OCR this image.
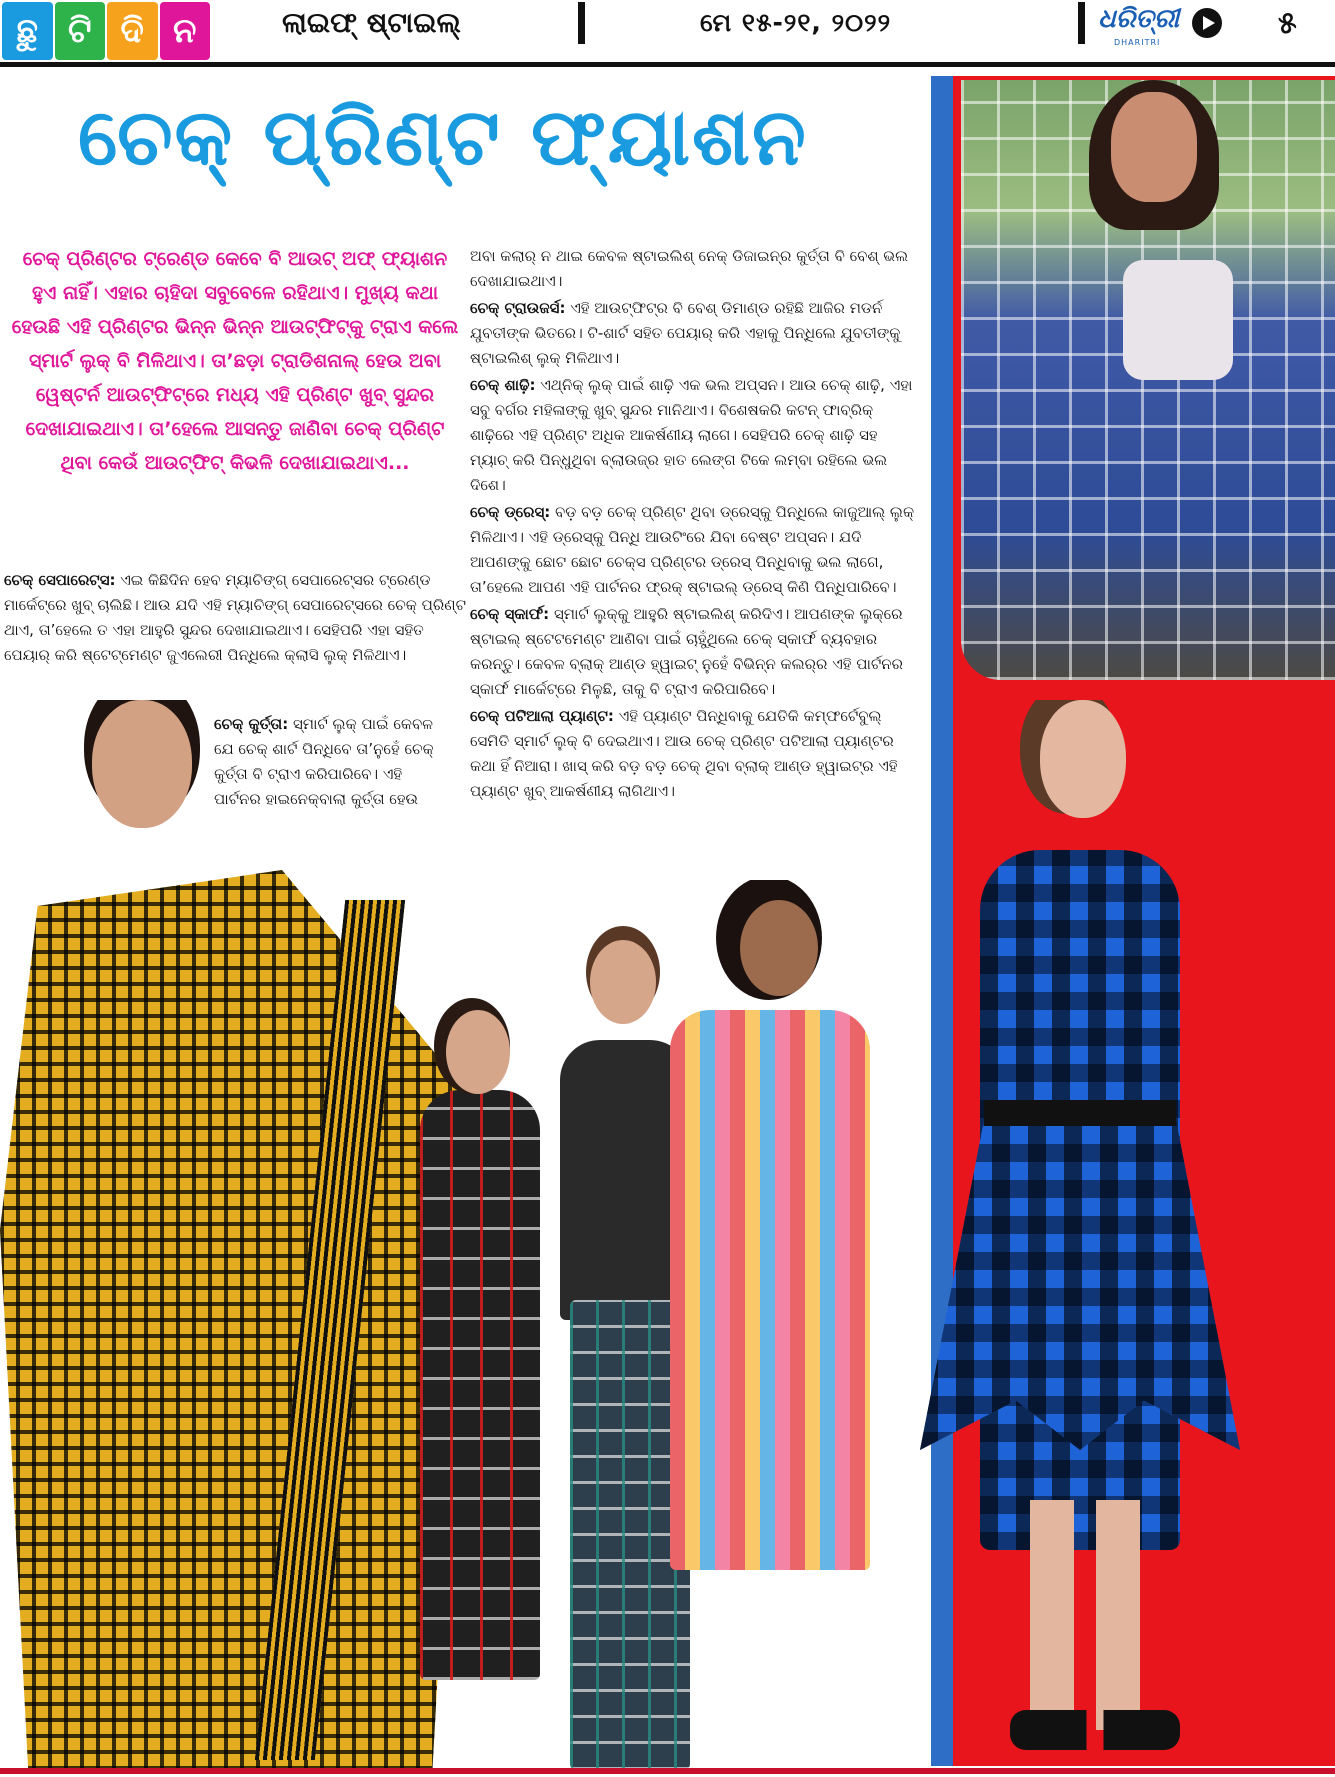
ଛୁ ଟି ଦି ନ	ଲାଇଫ୍ ଷ୍ଟାଇଲ୍	ମେ ୧୫-୨୧, ୨୦୨୨	ଧରିତ୍ରୀ
DHARITRI
୫
ଚେକ୍ ପ୍ରିଣ୍ଟ ଫ୍ୟାଶନ

ଚେକ୍ ପ୍ରିଣ୍ଟର ଟ୍ରେଣ୍ଡ କେବେ ବି ଆଉଟ୍ ଅଫ୍ ଫ୍ୟାଶନ ହୁଏ ନାହିଁ। ଏହାର ଚାହିଦା ସବୁବେଳେ ରହିଥାଏ। ମୁଖ୍ୟ କଥା ହେଉଛି ଏହି ପ୍ରିଣ୍ଟର ଭିନ୍ନ ଭିନ୍ନ ଆଉଟ୍‌ଫିଟ୍‌କୁ ଟ୍ରାଏ କଲେ ସ୍ମାର୍ଟ ଲୁକ୍ ବି ମିଳିଥାଏ। ତା’ଛଡ଼ା ଟ୍ରାଡିଶନାଲ୍ ହେଉ ଅବା ୱେଷ୍ଟର୍ନ ଆଉଟ୍‌ଫିଟ୍‌ରେ ମଧ୍ୟ ଏହି ପ୍ରିଣ୍ଟ ଖୁବ୍ ସୁନ୍ଦର ଦେଖାଯାଇଥାଏ। ତା’ହେଲେ ଆସନ୍ତୁ ଜାଣିବା ଚେକ୍ ପ୍ରିଣ୍ଟ ଥିବା କେଉଁ ଆଉଟ୍‌ଫିଟ୍ କିଭଳି ଦେଖାଯାଇଥାଏ...

ଚେକ୍ ସେପାରେଟ୍ସ: ଏଇ କିଛିଦିନ ହେବ ମ୍ୟାଚିଙ୍ଗ୍ ସେପାରେଟ୍ସର ଟ୍ରେଣ୍ଡ ମାର୍କେଟ୍‌ରେ ଖୁବ୍ ଚାଲିଛି। ଆଉ ଯଦି ଏହି ମ୍ୟାଚିଙ୍ଗ୍ ସେପାରେଟ୍ସରେ ଚେକ୍ ପ୍ରିଣ୍ଟ ଥାଏ, ତା’ହେଲେ ତ ଏହା ଆହୁରି ସୁନ୍ଦର ଦେଖାଯାଇଥାଏ। ସେହିପରି ଏହା ସହିତ ପେୟାର୍ କରି ଷ୍ଟେଟ୍‌ମେଣ୍ଟ ଜୁଏଲେରୀ ପିନ୍ଧିଲେ କ୍ଲାସି ଲୁକ୍ ମିଳିଥାଏ।

ଚେକ୍ କୁର୍ତ୍ତା: ସ୍ମାର୍ଟ ଲୁକ୍ ପାଇଁ କେବଳ ଯେ ଚେକ୍ ଶାର୍ଟ ପିନ୍ଧିବେ ତା’ନୁହେଁ ଚେକ୍ କୁର୍ତ୍ତା ବି ଟ୍ରାଏ କରିପାରିବେ। ଏହି ପାର୍ଟନର ହାଇନେକ୍‌ବାଲା କୁର୍ତ୍ତା ହେଉ

ଅବା କଲାର୍ ନ ଥାଇ କେବଳ ଷ୍ଟାଇଲିଶ୍ ନେକ୍ ଡିଜାଇନ୍‌ର କୁର୍ତ୍ତା ବି ବେଶ୍ ଭଲ ଦେଖାଯାଇଥାଏ।

ଚେକ୍ ଟ୍ରାଉଜର୍ସ: ଏହି ଆଉଟ୍‌ଫିଟ୍‌ର ବି ବେଶ୍ ଡିମାଣ୍ଡ ରହିଛି ଆଜିର ମଡର୍ନ ଯୁବତୀଙ୍କ ଭିତରେ। ଟି-ଶାର୍ଟ ସହିତ ପେୟାର୍ କରି ଏହାକୁ ପିନ୍ଧିଲେ ଯୁବତୀଙ୍କୁ ଷ୍ଟାଇଲିଶ୍ ଲୁକ୍ ମିଳିଥାଏ।

ଚେକ୍ ଶାଢ଼ି: ଏଥ୍‌ନିକ୍ ଲୁକ୍ ପାଇଁ ଶାଢ଼ି ଏକ ଭଲ ଅପ୍ସନ। ଆଉ ଚେକ୍ ଶାଢ଼ି, ଏହା ସବୁ ବର୍ଗର ମହିଳାଙ୍କୁ ଖୁବ୍ ସୁନ୍ଦର ମାନିଥାଏ। ବିଶେଷକରି କଟନ୍ ଫାବ୍ରିକ୍ ଶାଢ଼ିରେ ଏହି ପ୍ରିଣ୍ଟ ଅଧିକ ଆକର୍ଷଣୀୟ ଲାଗେ। ସେହିପରି ଚେକ୍ ଶାଢ଼ି ସହ ମ୍ୟାଚ୍ କରି ପିନ୍ଧୁଥିବା ବ୍ଲାଉଜ୍‌ର ହାତ ଲେଙ୍ଗ ଟିକେ ଲମ୍ବା ରହିଲେ ଭଲ ଦିଶେ।

ଚେକ୍ ଡ୍ରେସ୍: ବଡ଼ ବଡ଼ ଚେକ୍ ପ୍ରିଣ୍ଟ ଥିବା ଡ୍ରେସ୍‌କୁ ପିନ୍ଧିଲେ କାଜୁଆଲ୍ ଲୁକ୍ ମିଳିଥାଏ। ଏହି ଡ୍ରେସ୍‌କୁ ପିନ୍ଧି ଆଉଟିଂରେ ଯିବା ବେଷ୍ଟ ଅପ୍ସନ। ଯଦି ଆପଣଙ୍କୁ ଛୋଟ ଛୋଟ ଚେକ୍ସ ପ୍ରିଣ୍ଟର ଡ୍ରେସ୍ ପିନ୍ଧିବାକୁ ଭଲ ଲାଗେ, ତା’ହେଲେ ଆପଣ ଏହି ପାର୍ଟନର ଫ୍ରକ୍ ଷ୍ଟାଇଲ୍ ଡ୍ରେସ୍ କିଣି ପିନ୍ଧିପାରିବେ।

ଚେକ୍ ସ୍କାର୍ଫ: ସ୍ମାର୍ଟ ଲୁକ୍‌କୁ ଆହୁରି ଷ୍ଟାଇଲିଶ୍ କରିଦିଏ। ଆପଣଙ୍କ ଲୁକ୍‌ରେ ଷ୍ଟାଇଲ୍ ଷ୍ଟେଟମେଣ୍ଟ ଆଣିବା ପାଇଁ ଚାହୁଁଥିଲେ ଚେକ୍ ସ୍କାର୍ଫ ବ୍ୟବହାର କରନ୍ତୁ। କେବଳ ବ୍ଲାକ୍ ଆଣ୍ଡ ହ୍ୱାଇଟ୍ ନୁହେଁ ବିଭିନ୍ନ କଲର୍‌ର ଏହି ପାର୍ଟନର ସ୍କାର୍ଫ ମାର୍କେଟ୍‌ରେ ମିଳୁଛି, ତାକୁ ବି ଟ୍ରାଏ କରିପାରିବେ।

ଚେକ୍ ପଟିଆଲା ପ୍ୟାଣ୍ଟ: ଏହି ପ୍ୟାଣ୍ଟ ପିନ୍ଧିବାକୁ ଯେତିକି କମ୍ଫର୍ଟେବୁଲ୍ ସେମିତି ସ୍ମାର୍ଟ ଲୁକ୍ ବି ଦେଇଥାଏ। ଆଉ ଚେକ୍ ପ୍ରିଣ୍ଟ ପଟିଆଲା ପ୍ୟାଣ୍ଟର କଥା ହିଁ ନିଆରା। ଖାସ୍ କରି ବଡ଼ ବଡ଼ ଚେକ୍ ଥିବା ବ୍ଲାକ୍ ଆଣ୍ଡ ହ୍ୱାଇଟ୍‌ର ଏହି ପ୍ୟାଣ୍ଟ ଖୁବ୍ ଆକର୍ଷଣୀୟ ଲାଗିଥାଏ।
